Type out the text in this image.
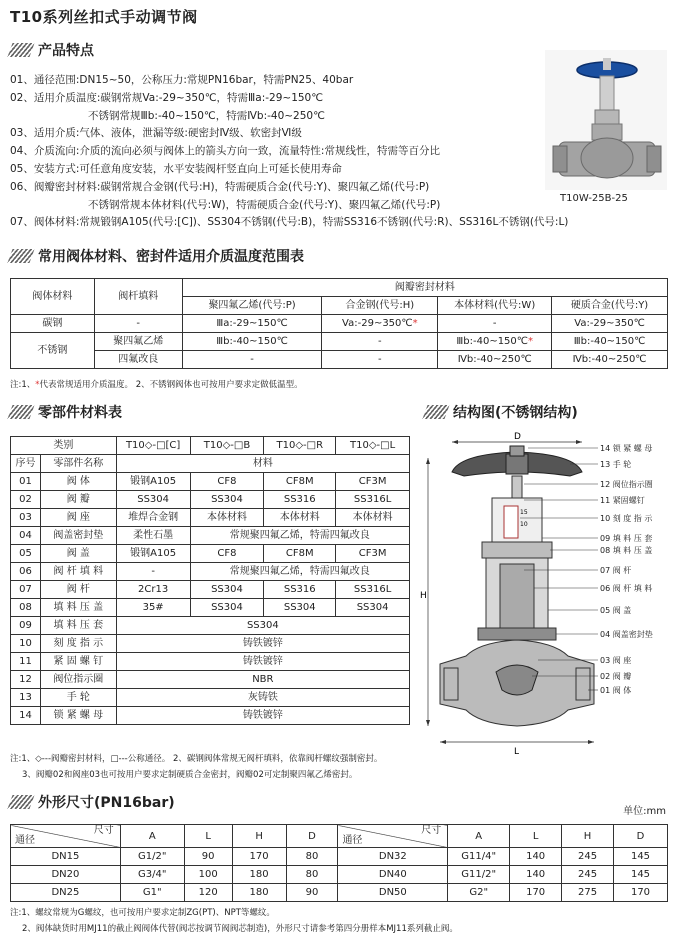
T10系列丝扣式手动调节阀
产品特点
01、通径范围:DN15~50，公称压力:常规PN16bar，特需PN25、40bar
02、适用介质温度:碳钢常规Va:-29~350℃，特需Ⅲa:-29~150℃
不锈钢常规Ⅲb:-40~150℃，特需Ⅳb:-40~250℃
03、适用介质:气体、液体，泄漏等级:硬密封Ⅳ级、软密封Ⅵ级
04、介质流向:介质的流向必须与阀体上的箭头方向一致，流量特性:常规线性，特需等百分比
05、安装方式:可任意角度安装，水平安装阀杆竖直向上可延长使用寿命
06、阀瓣密封材料:碳钢常规合金钢(代号:H)，特需硬质合金(代号:Y)、聚四氟乙烯(代号:P)
不锈钢常规本体材料(代号:W)，特需硬质合金(代号:Y)、聚四氟乙烯(代号:P)
07、阀体材料:常规锻钢A105(代号:[C])、SS304不锈钢(代号:B)，特需SS316不锈钢(代号:R)、SS316L不锈钢(代号:L)
T10W-25B-25
常用阀体材料、密封件适用介质温度范围表
阀体材料	阀杆填料	阀瓣密封材料			
		聚四氟乙烯(代号:P)	合金钢(代号:H)	本体材料(代号:W)	硬质合金(代号:Y)
碳钢	-	Ⅲa:-29~150℃	Va:-29~350℃*	-	Va:-29~350℃
不锈钢	聚四氟乙烯	Ⅲb:-40~150℃	-	Ⅲb:-40~150℃*	Ⅲb:-40~150℃
	四氟改良	-	-	Ⅳb:-40~250℃	Ⅳb:-40~250℃
注:1、*代表常规适用介质温度。 2、不锈钢阀体也可按用户要求定做低温型。
零部件材料表	结构图(不锈钢结构)
类别		T10◇-□[C]	T10◇-□B	T10◇-□R	T10◇-□L
序号	零部件名称	材料			
01	阀 体	锻钢A105	CF8	CF8M	CF3M
02	阀 瓣	SS304	SS304	SS316	SS316L
03	阀 座	堆焊合金钢	本体材料	本体材料	本体材料
04	阀盖密封垫	柔性石墨	常规聚四氟乙烯，特需四氟改良		
05	阀 盖	锻钢A105	CF8	CF8M	CF3M
06	阀 杆 填 料	-	常规聚四氟乙烯，特需四氟改良		
07	阀 杆	2Cr13	SS304	SS316	SS316L
08	填 料 压 盖	35#	SS304	SS304	SS304
09	填 料 压 套	SS304			
10	刻 度 指 示	铸铁镀锌			
11	紧 固 螺 钉	铸铁镀锌			
12	阀位指示圈	NBR			
13	手 轮	灰铸铁			
14	锁 紧 螺 母	铸铁镀锌			
注:1、◇---阀瓣密封材料，□---公称通径。 2、碳钢阀体常规无阀杆填料，依靠阀杆螺纹强制密封。
3、阀瓣02和阀座03也可按用户要求定制硬质合金密封，阀瓣02可定制聚四氟乙烯密封。
D
15
10
H
L
14 锁 紧 螺 母
13 手 轮
12 阀位指示圈
11 紧固螺钉
10 刻 度 指 示
09 填 料 压 套
08 填 料 压 盖
07 阀 杆
06 阀 杆 填 料
05 阀 盖
04 阀盖密封垫
03 阀 座
02 阀 瓣
01 阀 体
外形尺寸(PN16bar)
单位:mm
尺寸
通径	A	L	H	D	尺寸
通径	A	L	H	D
DN15	G1/2"	90	170	80	DN32	G11/4"	140	245	145
DN20	G3/4"	100	180	80	DN40	G11/2"	140	245	145
DN25	G1"	120	180	90	DN50	G2"	170	275	170
注:1、螺纹常规为G螺纹，也可按用户要求定制ZG(PT)、NPT等螺纹。
2、阀体缺货时用MJ11的截止阀阀体代替(阀芯按调节阀阀芯制造)，外形尺寸请参考第四分册样本MJ11系列截止阀。
